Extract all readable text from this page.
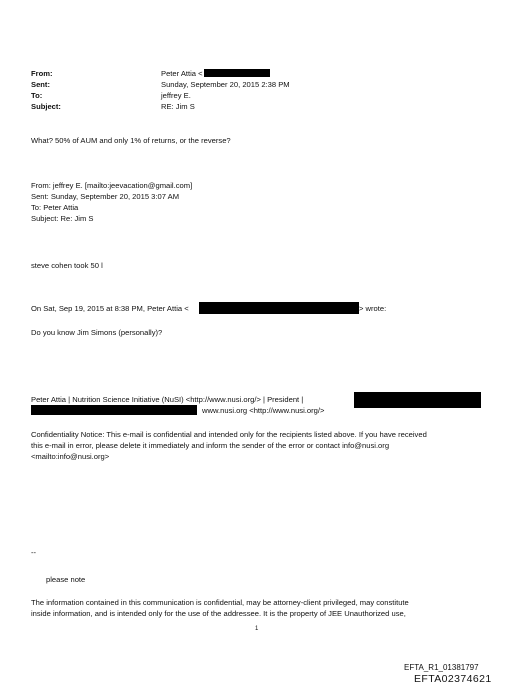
From:	Peter Attia <
Sent:	Sunday, September 20, 2015 2:38 PM
To:	jeffrey E.
Subject:	RE: Jim S
What? 50% of AUM and only 1% of returns, or the reverse?
From: jeffrey E. [mailto:jeevacation@gmail.com]
Sent: Sunday, September 20, 2015 3:07 AM
To: Peter Attia
Subject: Re: Jim S
steve cohen took 50 l
On Sat, Sep 19, 2015 at 8:38 PM, Peter Attia <	> wrote:
Do you know Jim Simons (personally)?
Peter Attia | Nutrition Science Initiative (NuSI) <http://www.nusi.org/> | President |
www.nusi.org <http://www.nusi.org/>
Confidentiality Notice: This e-mail is confidential and intended only for the recipients listed above. If you have received
this e-mail in error, please delete it immediately and inform the sender of the error or contact info@nusi.org
<mailto:info@nusi.org>
--
please note
The information contained in this communication is confidential, may be attorney-client privileged, may constitute
inside information, and is intended only for the use of the addressee. It is the property of JEE Unauthorized use,
1
EFTA_R1_01381797
EFTA02374621
